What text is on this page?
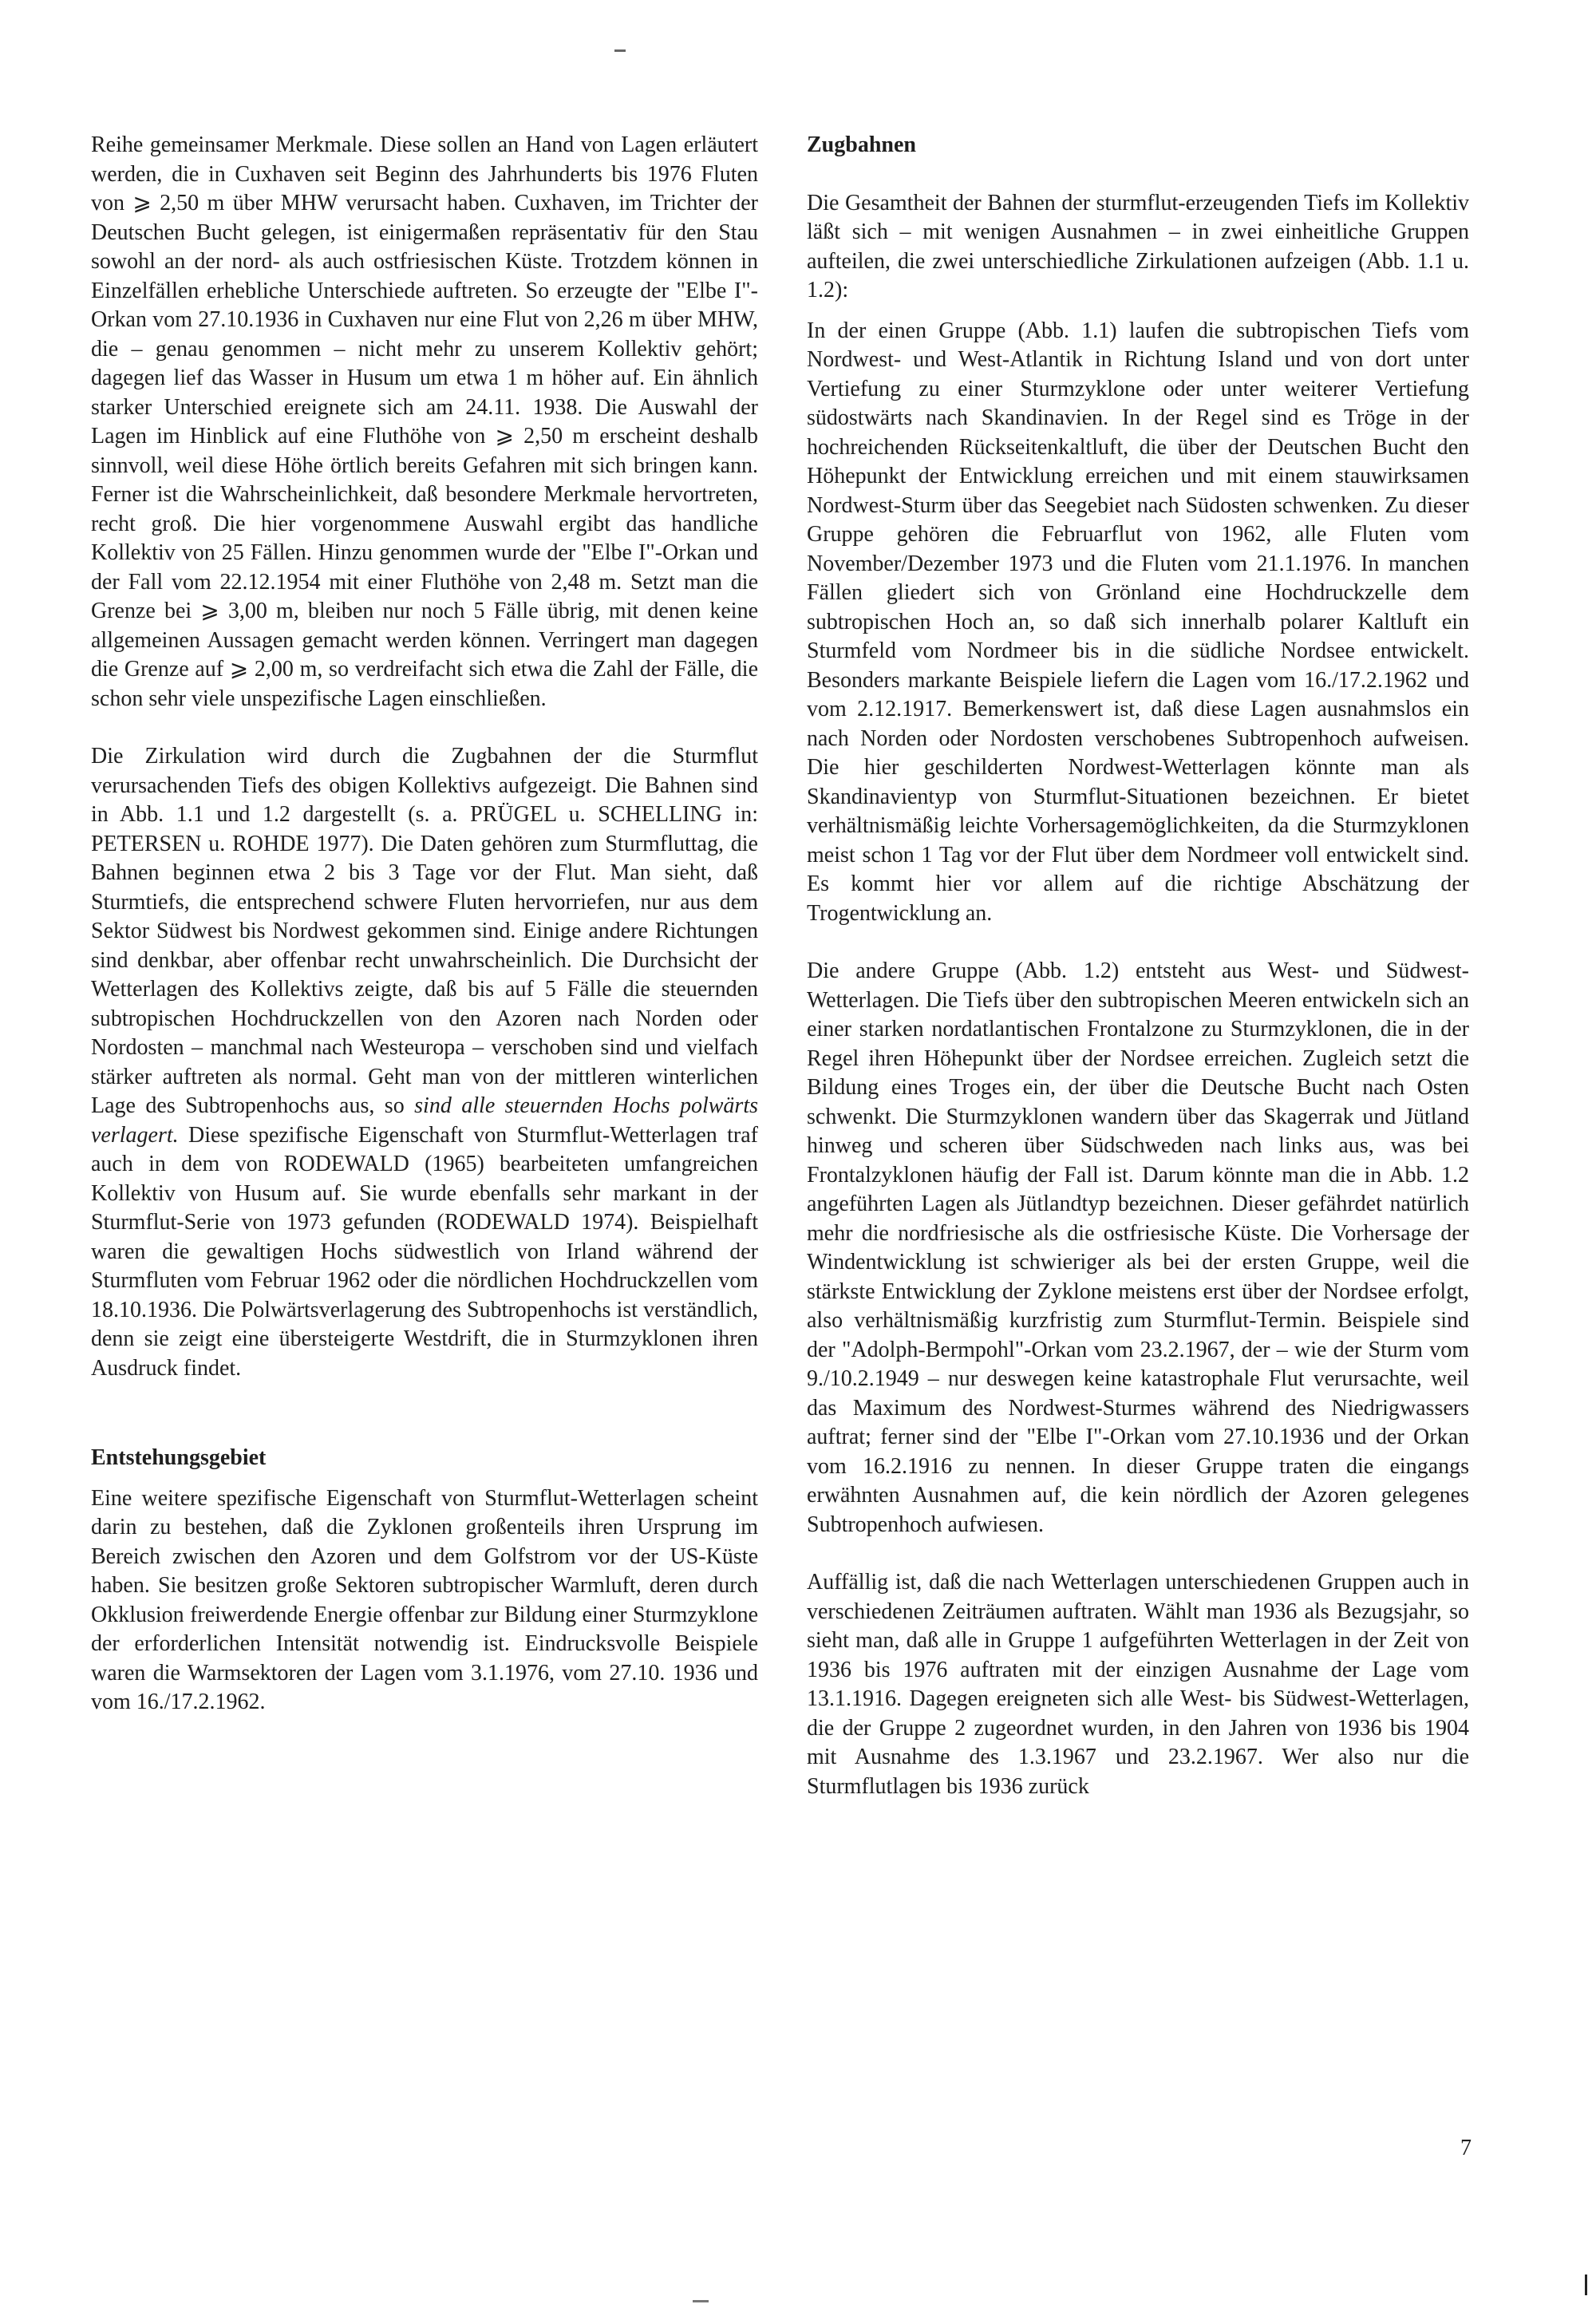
Reihe gemeinsamer Merkmale. Diese sollen an Hand von Lagen erläutert werden, die in Cuxhaven seit Beginn des Jahrhunderts bis 1976 Fluten von ⩾ 2,50 m über MHW verursacht haben. Cuxhaven, im Trichter der Deutschen Bucht gelegen, ist einigermaßen repräsentativ für den Stau sowohl an der nord- als auch ostfriesischen Küste. Trotzdem können in Einzelfällen erhebliche Unterschiede auftreten. So erzeugte der "Elbe I"-Orkan vom 27.10.1936 in Cuxhaven nur eine Flut von 2,26 m über MHW, die – genau genommen – nicht mehr zu unserem Kollektiv gehört; dagegen lief das Wasser in Husum um etwa 1 m höher auf. Ein ähnlich starker Unterschied ereignete sich am 24.11. 1938. Die Auswahl der Lagen im Hinblick auf eine Fluthöhe von ⩾ 2,50 m erscheint deshalb sinnvoll, weil diese Höhe örtlich bereits Gefahren mit sich bringen kann. Ferner ist die Wahrscheinlichkeit, daß besondere Merkmale hervortreten, recht groß. Die hier vorgenommene Auswahl ergibt das handliche Kollektiv von 25 Fällen. Hinzu genommen wurde der "Elbe I"-Orkan und der Fall vom 22.12.1954 mit einer Fluthöhe von 2,48 m. Setzt man die Grenze bei ⩾ 3,00 m, bleiben nur noch 5 Fälle übrig, mit denen keine allgemeinen Aussagen gemacht werden können. Verringert man dagegen die Grenze auf ⩾ 2,00 m, so verdreifacht sich etwa die Zahl der Fälle, die schon sehr viele unspezifische Lagen einschließen.

Die Zirkulation wird durch die Zugbahnen der die Sturmflut verursachenden Tiefs des obigen Kollektivs aufgezeigt. Die Bahnen sind in Abb. 1.1 und 1.2 dargestellt (s. a. PRÜGEL u. SCHELLING in: PETERSEN u. ROHDE 1977). Die Daten gehören zum Sturmfluttag, die Bahnen beginnen etwa 2 bis 3 Tage vor der Flut. Man sieht, daß Sturmtiefs, die entsprechend schwere Fluten hervorriefen, nur aus dem Sektor Südwest bis Nordwest gekommen sind. Einige andere Richtungen sind denkbar, aber offenbar recht unwahrscheinlich. Die Durchsicht der Wetterlagen des Kollektivs zeigte, daß bis auf 5 Fälle die steuernden subtropischen Hochdruckzellen von den Azoren nach Norden oder Nordosten – manchmal nach Westeuropa – verschoben sind und vielfach stärker auftreten als normal. Geht man von der mittleren winterlichen Lage des Subtropenhochs aus, so sind alle steuernden Hochs polwärts verlagert. Diese spezifische Eigenschaft von Sturmflut-Wetterlagen traf auch in dem von RODEWALD (1965) bearbeiteten umfangreichen Kollektiv von Husum auf. Sie wurde ebenfalls sehr markant in der Sturmflut-Serie von 1973 gefunden (RODEWALD 1974). Beispielhaft waren die gewaltigen Hochs südwestlich von Irland während der Sturmfluten vom Februar 1962 oder die nördlichen Hochdruckzellen vom 18.10.1936. Die Polwärtsverlagerung des Subtropenhochs ist verständlich, denn sie zeigt eine übersteigerte Westdrift, die in Sturmzyklonen ihren Ausdruck findet.

Entstehungsgebiet

Eine weitere spezifische Eigenschaft von Sturmflut-Wetterlagen scheint darin zu bestehen, daß die Zyklonen großenteils ihren Ursprung im Bereich zwischen den Azoren und dem Golfstrom vor der US-Küste haben. Sie besitzen große Sektoren subtropischer Warmluft, deren durch Okklusion freiwerdende Energie offenbar zur Bildung einer Sturmzyklone der erforderlichen Intensität notwendig ist. Eindrucksvolle Beispiele waren die Warmsektoren der Lagen vom 3.1.1976, vom 27.10. 1936 und vom 16./17.2.1962.

Zugbahnen

Die Gesamtheit der Bahnen der sturmflut-erzeugenden Tiefs im Kollektiv läßt sich – mit wenigen Ausnahmen – in zwei einheitliche Gruppen aufteilen, die zwei unterschiedliche Zirkulationen aufzeigen (Abb. 1.1 u. 1.2):

In der einen Gruppe (Abb. 1.1) laufen die subtropischen Tiefs vom Nordwest- und West-Atlantik in Richtung Island und von dort unter Vertiefung zu einer Sturmzyklone oder unter weiterer Vertiefung südostwärts nach Skandinavien. In der Regel sind es Tröge in der hochreichenden Rückseitenkaltluft, die über der Deutschen Bucht den Höhepunkt der Entwicklung erreichen und mit einem stauwirksamen Nordwest-Sturm über das Seegebiet nach Südosten schwenken. Zu dieser Gruppe gehören die Februarflut von 1962, alle Fluten vom November/Dezember 1973 und die Fluten vom 21.1.1976. In manchen Fällen gliedert sich von Grönland eine Hochdruckzelle dem subtropischen Hoch an, so daß sich innerhalb polarer Kaltluft ein Sturmfeld vom Nordmeer bis in die südliche Nordsee entwickelt. Besonders markante Beispiele liefern die Lagen vom 16./17.2.1962 und vom 2.12.1917. Bemerkenswert ist, daß diese Lagen ausnahmslos ein nach Norden oder Nordosten verschobenes Subtropenhoch aufweisen. Die hier geschilderten Nordwest-Wetterlagen könnte man als Skandinavientyp von Sturmflut-Situationen bezeichnen. Er bietet verhältnismäßig leichte Vorhersagemöglichkeiten, da die Sturmzyklonen meist schon 1 Tag vor der Flut über dem Nordmeer voll entwickelt sind. Es kommt hier vor allem auf die richtige Abschätzung der Trogentwicklung an.

Die andere Gruppe (Abb. 1.2) entsteht aus West- und Südwest-Wetterlagen. Die Tiefs über den subtropischen Meeren entwickeln sich an einer starken nordatlantischen Frontalzone zu Sturmzyklonen, die in der Regel ihren Höhepunkt über der Nordsee erreichen. Zugleich setzt die Bildung eines Troges ein, der über die Deutsche Bucht nach Osten schwenkt. Die Sturmzyklonen wandern über das Skagerrak und Jütland hinweg und scheren über Südschweden nach links aus, was bei Frontalzyklonen häufig der Fall ist. Darum könnte man die in Abb. 1.2 angeführten Lagen als Jütlandtyp bezeichnen. Dieser gefährdet natürlich mehr die nordfriesische als die ostfriesische Küste. Die Vorhersage der Windentwicklung ist schwieriger als bei der ersten Gruppe, weil die stärkste Entwicklung der Zyklone meistens erst über der Nordsee erfolgt, also verhältnismäßig kurzfristig zum Sturmflut-Termin. Beispiele sind der "Adolph-Bermpohl"-Orkan vom 23.2.1967, der – wie der Sturm vom 9./10.2.1949 – nur deswegen keine katastrophale Flut verursachte, weil das Maximum des Nordwest-Sturmes während des Niedrigwassers auftrat; ferner sind der "Elbe I"-Orkan vom 27.10.1936 und der Orkan vom 16.2.1916 zu nennen. In dieser Gruppe traten die eingangs erwähnten Ausnahmen auf, die kein nördlich der Azoren gelegenes Subtropenhoch aufwiesen.

Auffällig ist, daß die nach Wetterlagen unterschiedenen Gruppen auch in verschiedenen Zeiträumen auftraten. Wählt man 1936 als Bezugsjahr, so sieht man, daß alle in Gruppe 1 aufgeführten Wetterlagen in der Zeit von 1936 bis 1976 auftraten mit der einzigen Ausnahme der Lage vom 13.1.1916. Dagegen ereigneten sich alle West- bis Südwest-Wetterlagen, die der Gruppe 2 zugeordnet wurden, in den Jahren von 1936 bis 1904 mit Ausnahme des 1.3.1967 und 23.2.1967. Wer also nur die Sturmflutlagen bis 1936 zurück

7
